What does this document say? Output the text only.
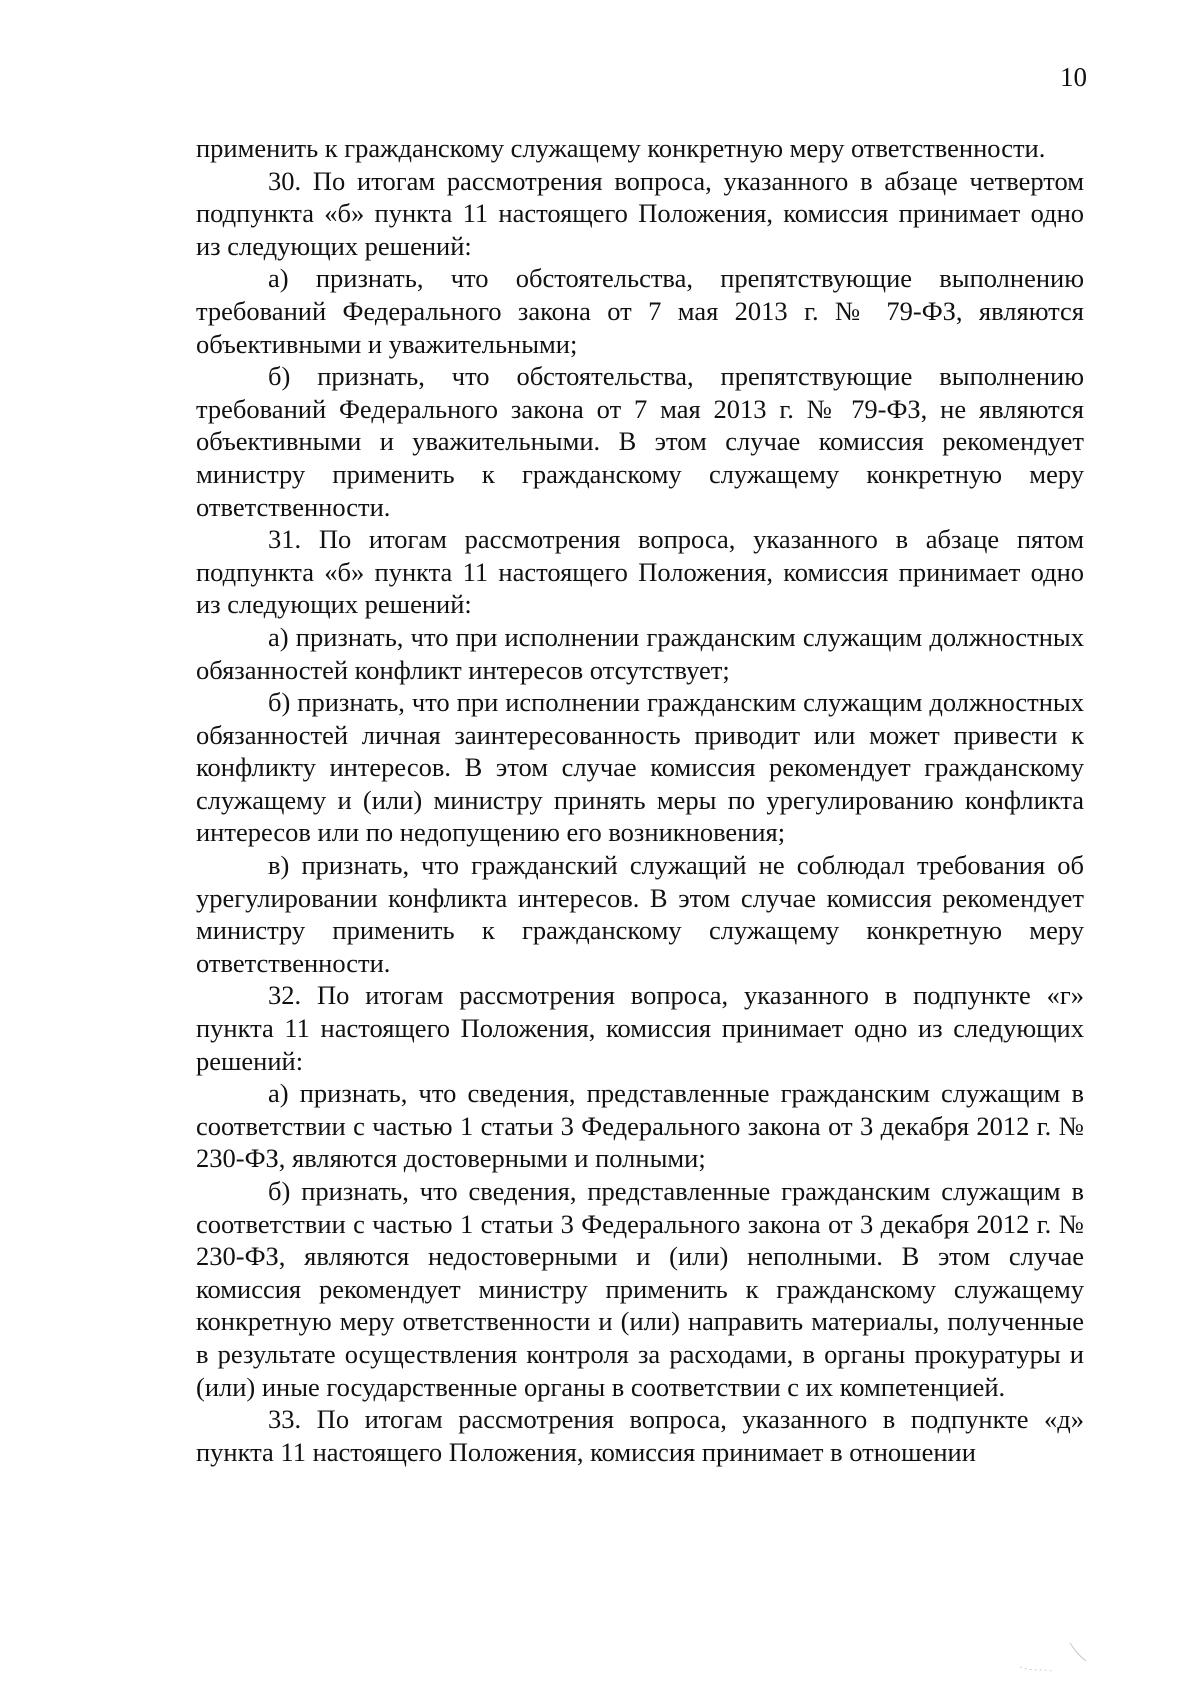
10

применить к гражданскому служащему конкретную меру ответственности.

30. По итогам рассмотрения вопроса, указанного в абзаце четвертом подпункта «б» пункта 11 настоящего Положения, комиссия принимает одно из следующих решений:

а) признать, что обстоятельства, препятствующие выполнению требований Федерального закона от 7 мая 2013 г. № 79-ФЗ, являются объективными и уважительными;

б) признать, что обстоятельства, препятствующие выполнению требований Федерального закона от 7 мая 2013 г. № 79-ФЗ, не являются объективными и уважительными. В этом случае комиссия рекомендует министру применить к гражданскому служащему конкретную меру ответственности.

31. По итогам рассмотрения вопроса, указанного в абзаце пятом подпункта «б» пункта 11 настоящего Положения, комиссия принимает одно из следующих решений:

а) признать, что при исполнении гражданским служащим должностных обязанностей конфликт интересов отсутствует;

б) признать, что при исполнении гражданским служащим должностных обязанностей личная заинтересованность приводит или может привести к конфликту интересов. В этом случае комиссия рекомендует гражданскому служащему и (или) министру принять меры по урегулированию конфликта интересов или по недопущению его возникновения;

в) признать, что гражданский служащий не соблюдал требования об урегулировании конфликта интересов. В этом случае комиссия рекомендует министру применить к гражданскому служащему конкретную меру ответственности.

32. По итогам рассмотрения вопроса, указанного в подпункте «г» пункта 11 настоящего Положения, комиссия принимает одно из следующих решений:

а) признать, что сведения, представленные гражданским служащим в соответствии с частью 1 статьи 3 Федерального закона от 3 декабря 2012 г. № 230-ФЗ, являются достоверными и полными;

б) признать, что сведения, представленные гражданским служащим в соответствии с частью 1 статьи 3 Федерального закона от 3 декабря 2012 г. № 230-ФЗ, являются недостоверными и (или) неполными. В этом случае комиссия рекомендует министру применить к гражданскому служащему конкретную меру ответственности и (или) направить материалы, полученные в результате осуществления контроля за расходами, в органы прокуратуры и (или) иные государственные органы в соответствии с их компетенцией.

33. По итогам рассмотрения вопроса, указанного в подпункте «д» пункта 11 настоящего Положения, комиссия принимает в отношении
